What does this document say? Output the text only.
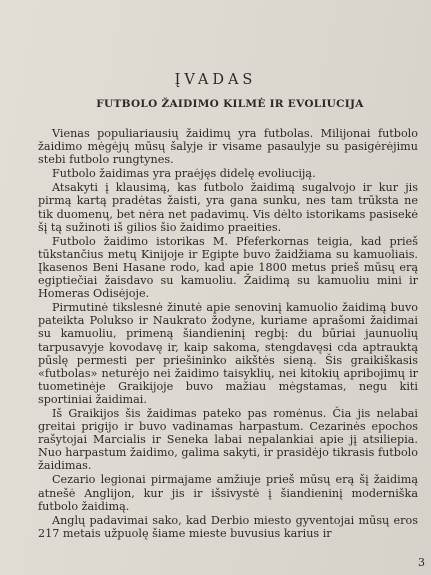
ĮVADAS
FUTBOLO ŽAIDIMO KILMĖ IR EVOLIUCIJA

Vienas populiariausių žaidimų yra futbolas. Milijonai futbolo žaidimo mėgėjų mūsų šalyje ir visame pasaulyje su pasigėrėjimu stebi futbolo rungtynes.

Futbolo žaidimas yra praėjęs didelę evoliuciją.

Atsakyti į klausimą, kas futbolo žaidimą sugalvojo ir kur jis pirmą kartą pradėtas žaisti, yra gana sunku, nes tam trūksta ne tik duomenų, bet nėra net padavimų. Vis dėlto istorikams pasisekė šį tą sužinoti iš gilios šio žaidimo praeities.

Futbolo žaidimo istorikas M. Pfeferkornas teigia, kad prieš tūkstančius metų Kinijoje ir Egipte buvo žaidžiama su kamuoliais. Įkasenos Beni Hasane rodo, kad apie 1800 metus prieš mūsų erą egiptiečiai žaisdavo su kamuoliu. Žaidimą su kamuoliu mini ir Homeras Odisėjoje.

Pirmutinė tikslesnė žinutė apie senovinį kamuolio žaidimą buvo pateikta Polukso ir Naukrato žodyne, kuriame aprašomi žaidimai su kamuoliu, primeną šiandieninį regbį: du būriai jaunuolių tarpusavyje kovodavę ir, kaip sakoma, stengdavęsi cda aptrauktą pūslę permesti per priešininko aikštės sieną. Šis graikiškasis «futbolas» neturėjo nei žaidimo taisyklių, nei kitokių apribojimų ir tuometinėje Graikijoje buvo mažiau mėgstamas, negu kiti sportiniai žaidimai.

Iš Graikijos šis žaidimas pateko pas romėnus. Čia jis nelabai greitai prigijo ir buvo vadinamas harpastum. Cezarinės epochos rašytojai Marcialis ir Seneka labai nepalankiai apie jį atsiliepia. Nuo harpastum žaidimo, galima sakyti, ir prasidėjo tikrasis futbolo žaidimas.

Cezario legionai pirmajame amžiuje prieš mūsų erą šį žaidimą atnešė Anglijon, kur jis ir išsivystė į šiandieninį moderniška futbolo žaidimą.

Anglų padavimai sako, kad Derbio miesto gyventojai mūsų eros 217 metais užpuolę šiame mieste buvusius karius ir

3
